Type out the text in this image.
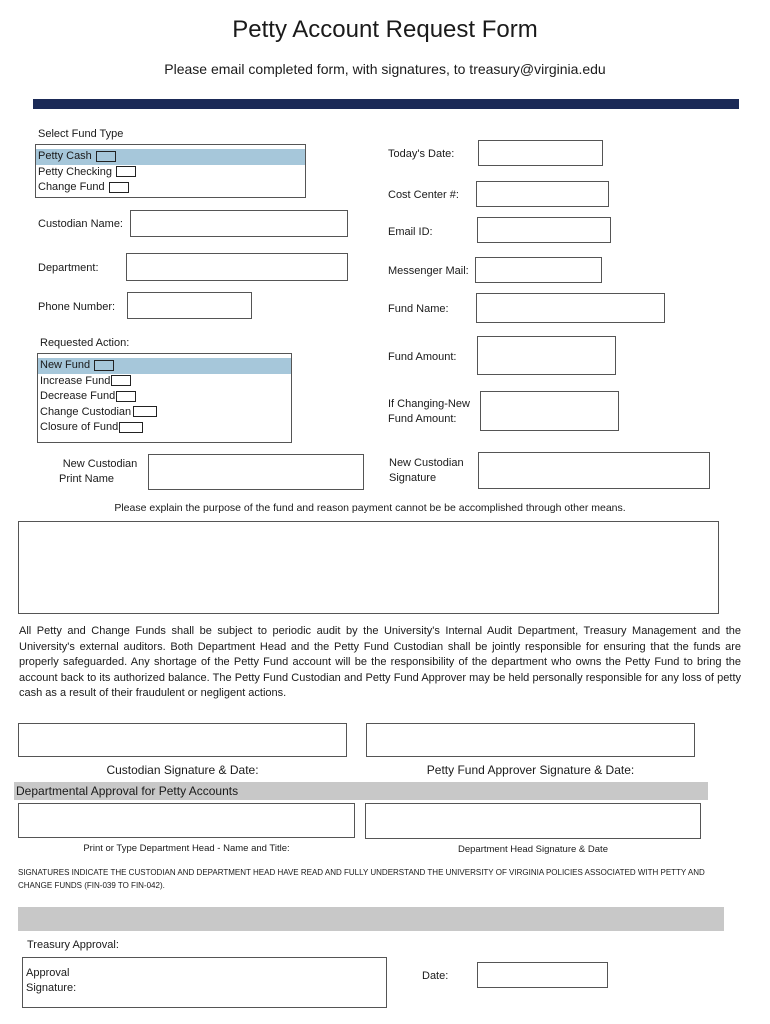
Petty Account Request Form
Please email completed form, with signatures, to treasury@virginia.edu
Select Fund Type
Petty Cash
Petty Checking
Change Fund
Custodian Name:
Department:
Phone Number:
Requested Action:
New Fund
Increase Fund
Decrease Fund
Change Custodian
Closure of Fund
Today's Date:
Cost Center #:
Email ID:
Messenger Mail:
Fund Name:
Fund Amount:
If Changing-New
Fund Amount:
New Custodian
Print Name
New Custodian
Signature
Please explain the purpose of the fund and reason payment cannot be be accomplished through other means.
All Petty and Change Funds shall be subject to periodic audit by the University's Internal Audit Department, Treasury Management and the University's external auditors. Both Department Head and the Petty Fund Custodian shall be jointly responsible for ensuring that the funds are properly safeguarded. Any shortage of the Petty Fund account will be the responsibility of the department who owns the Petty Fund to bring the account back to its authorized balance. The Petty Fund Custodian and Petty Fund Approver may be held personally responsible for any loss of petty cash as a result of their fraudulent or negligent actions.
Custodian Signature & Date:	Petty Fund Approver Signature & Date:
Departmental Approval for Petty Accounts
Print or Type Department Head - Name and Title:	Department Head Signature & Date
SIGNATURES INDICATE THE CUSTODIAN AND DEPARTMENT HEAD HAVE READ AND FULLY UNDERSTAND THE UNIVERSITY OF VIRGINIA POLICIES ASSOCIATED WITH PETTY AND CHANGE FUNDS (FIN-039 TO FIN-042).
Treasury Approval:
Approval
Signature:
Date:
